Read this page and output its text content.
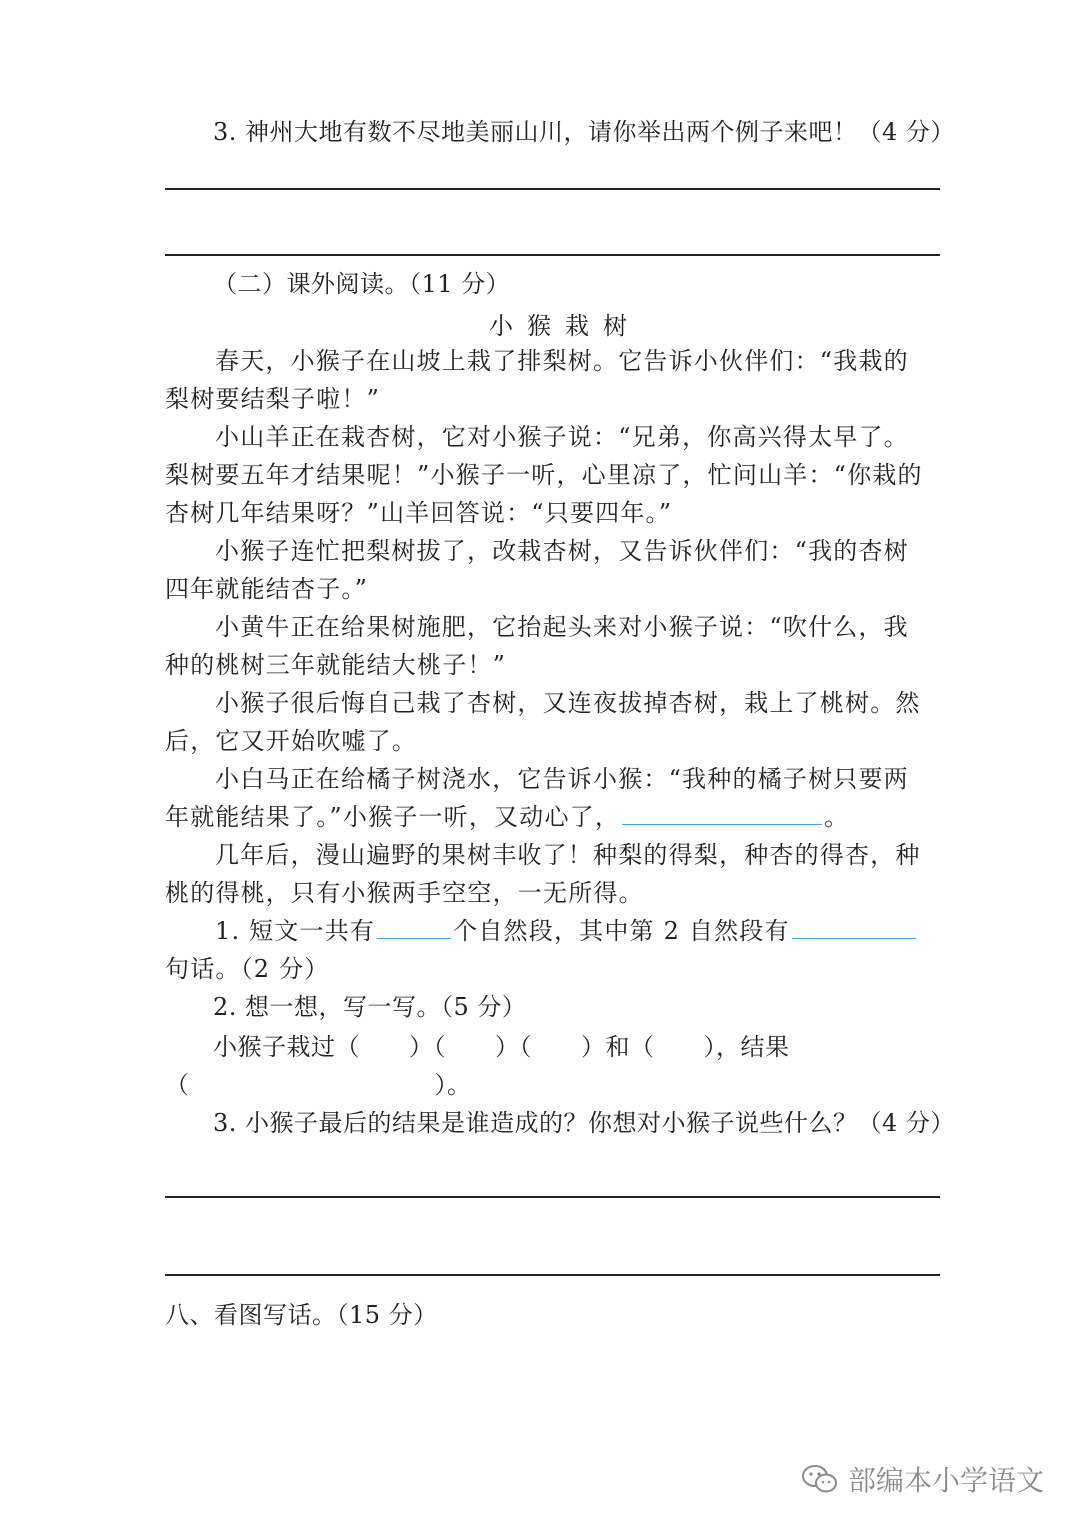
3. 神州大地有数不尽地美丽山川，请你举出两个例子来吧！（4 分）
（二）课外阅读。（11 分）
小猴栽树
春天，小猴子在山坡上栽了排梨树。它告诉小伙伴们：“我栽的梨树要结梨子啦！”
小山羊正在栽杏树，它对小猴子说：“兄弟，你高兴得太早了。梨树要五年才结果呢！”小猴子一听，心里凉了，忙问山羊：“你栽的杏树几年结果呀？”山羊回答说：“只要四年。”
小猴子连忙把梨树拔了，改栽杏树，又告诉伙伴们：“我的杏树四年就能结杏子。”
小黄牛正在给果树施肥，它抬起头来对小猴子说：“吹什么，我种的桃树三年就能结大桃子！”
小猴子很后悔自己栽了杏树，又连夜拔掉杏树，栽上了桃树。然后，它又开始吹嘘了。
小白马正在给橘子树浇水，它告诉小猴：“我种的橘子树只要两年就能结果了。”小猴子一听，又动心了，	。
几年后，漫山遍野的果树丰收了！种梨的得梨，种杏的得杏，种桃的得桃，只有小猴两手空空，一无所得。
1. 短文一共有	个自然段，其中第 2 自然段有句话。（2 分）
2. 想一想，写一写。（5 分）
小猴子栽过（　　）（　　）（　　）和（　　），结果
（　　　　　　　　　　）。
3. 小猴子最后的结果是谁造成的？你想对小猴子说些什么？（4 分）
八、看图写话。（15 分）
部编本小学语文
